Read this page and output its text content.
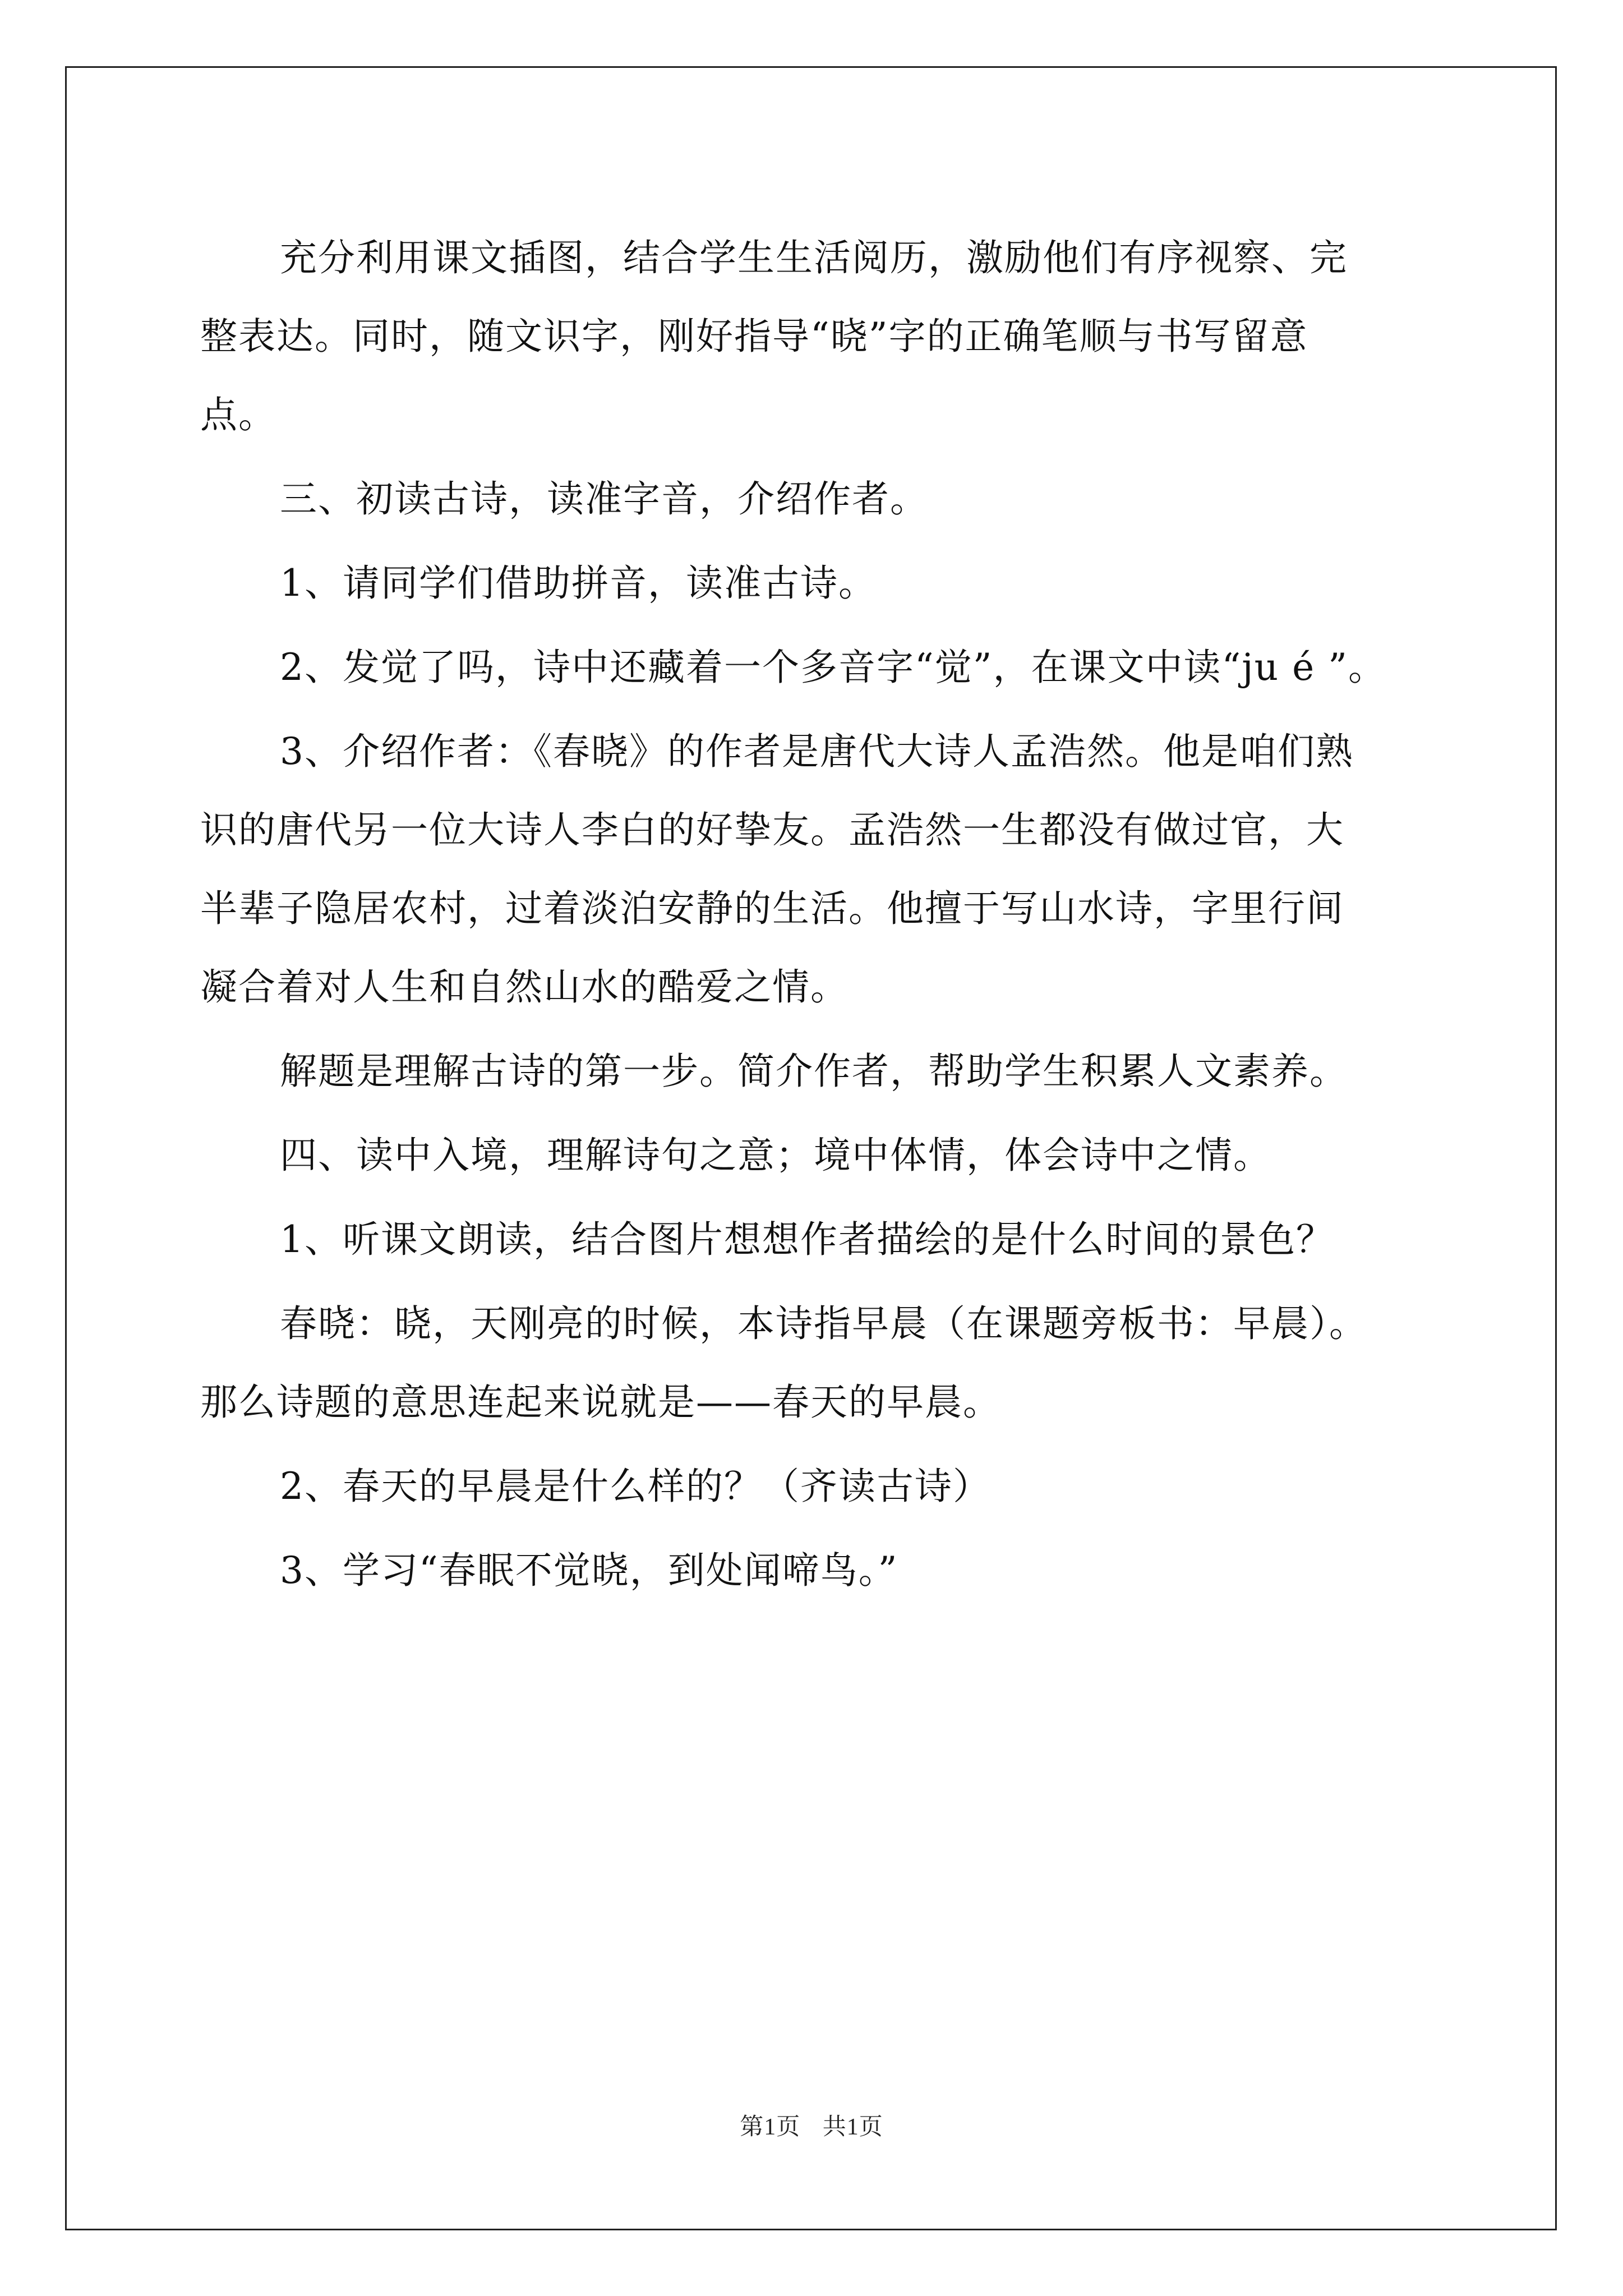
充分利用课文插图，结合学生生活阅历，激励他们有序视察、完
整表达。同时，随文识字，刚好指导“晓”字的正确笔顺与书写留意
点。

三、初读古诗，读准字音，介绍作者。

1、请同学们借助拼音，读准古诗。

2、发觉了吗，诗中还藏着一个多音字“觉”，在课文中读“ju é ”。

3、介绍作者：《春晓》的作者是唐代大诗人孟浩然。他是咱们熟
识的唐代另一位大诗人李白的好挚友。孟浩然一生都没有做过官，大
半辈子隐居农村，过着淡泊安静的生活。他擅于写山水诗，字里行间
凝合着对人生和自然山水的酷爱之情。

解题是理解古诗的第一步。简介作者，帮助学生积累人文素养。

四、读中入境，理解诗句之意；境中体情，体会诗中之情。

1、听课文朗读，结合图片想想作者描绘的是什么时间的景色？

春晓：晓，天刚亮的时候，本诗指早晨（在课题旁板书：早晨）。
那么诗题的意思连起来说就是——春天的早晨。

2、春天的早晨是什么样的？（齐读古诗）

3、学习“春眠不觉晓，到处闻啼鸟。”

第1页 共1页
